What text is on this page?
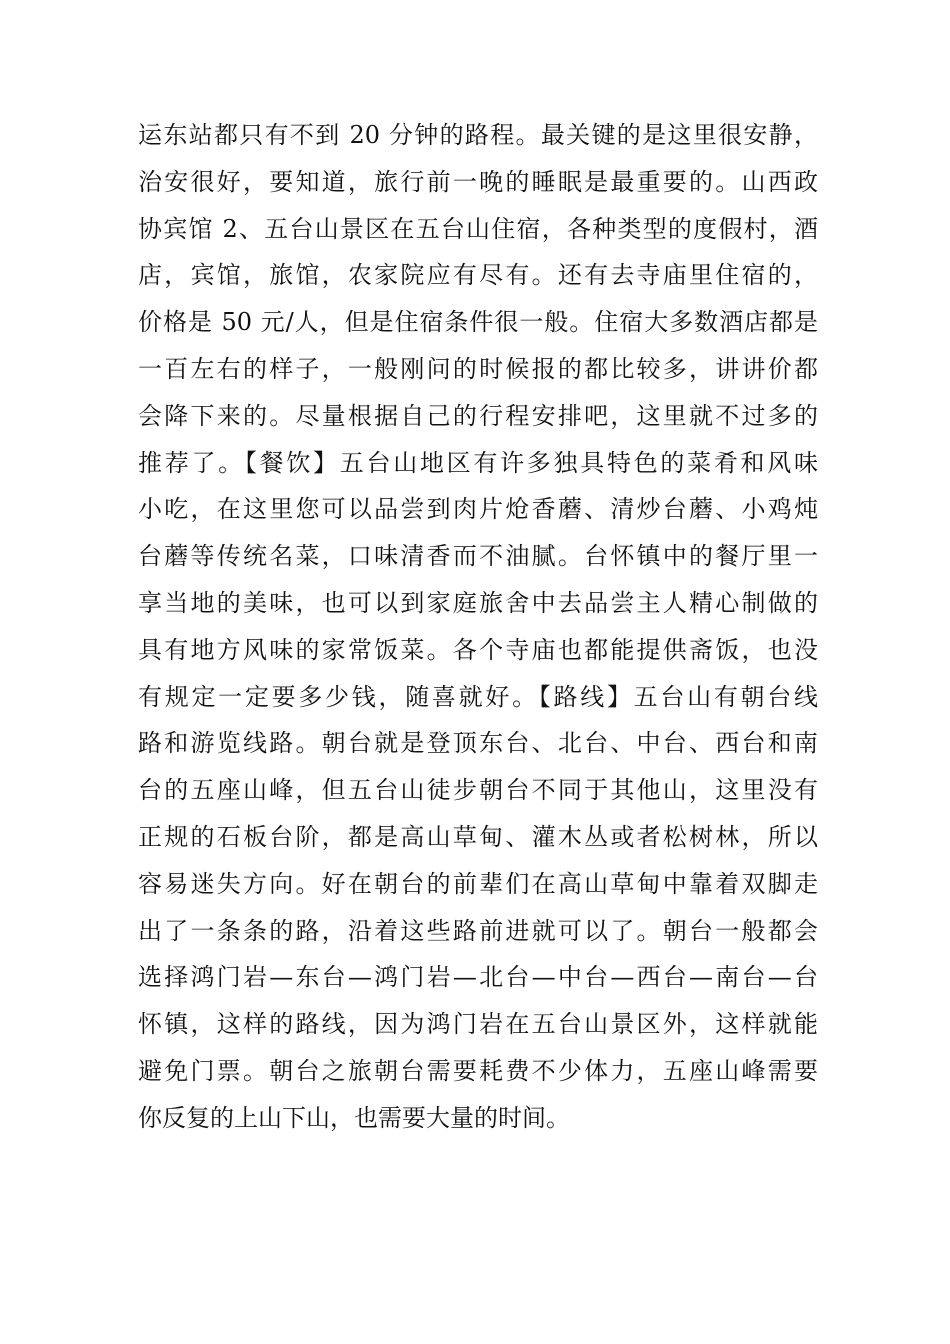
运东站都只有不到 20 分钟的路程。最关键的是这里很安静，
治安很好，要知道，旅行前一晚的睡眠是最重要的。山西政
协宾馆 2、五台山景区在五台山住宿，各种类型的度假村，酒
店，宾馆，旅馆，农家院应有尽有。还有去寺庙里住宿的，
价格是 50 元/人，但是住宿条件很一般。住宿大多数酒店都是
一百左右的样子，一般刚问的时候报的都比较多，讲讲价都
会降下来的。尽量根据自己的行程安排吧，这里就不过多的
推荐了。【餐饮】五台山地区有许多独具特色的菜肴和风味
小吃，在这里您可以品尝到肉片炝香蘑、清炒台蘑、小鸡炖
台蘑等传统名菜，口味清香而不油腻。台怀镇中的餐厅里一
享当地的美味，也可以到家庭旅舍中去品尝主人精心制做的
具有地方风味的家常饭菜。各个寺庙也都能提供斋饭，也没
有规定一定要多少钱，随喜就好。【路线】五台山有朝台线
路和游览线路。朝台就是登顶东台、北台、中台、西台和南
台的五座山峰，但五台山徒步朝台不同于其他山，这里没有
正规的石板台阶，都是高山草甸、灌木丛或者松树林，所以
容易迷失方向。好在朝台的前辈们在高山草甸中靠着双脚走
出了一条条的路，沿着这些路前进就可以了。朝台一般都会
选择鸿门岩—东台—鸿门岩—北台—中台—西台—南台—台
怀镇，这样的路线，因为鸿门岩在五台山景区外，这样就能
避免门票。朝台之旅朝台需要耗费不少体力，五座山峰需要
你反复的上山下山，也需要大量的时间。
